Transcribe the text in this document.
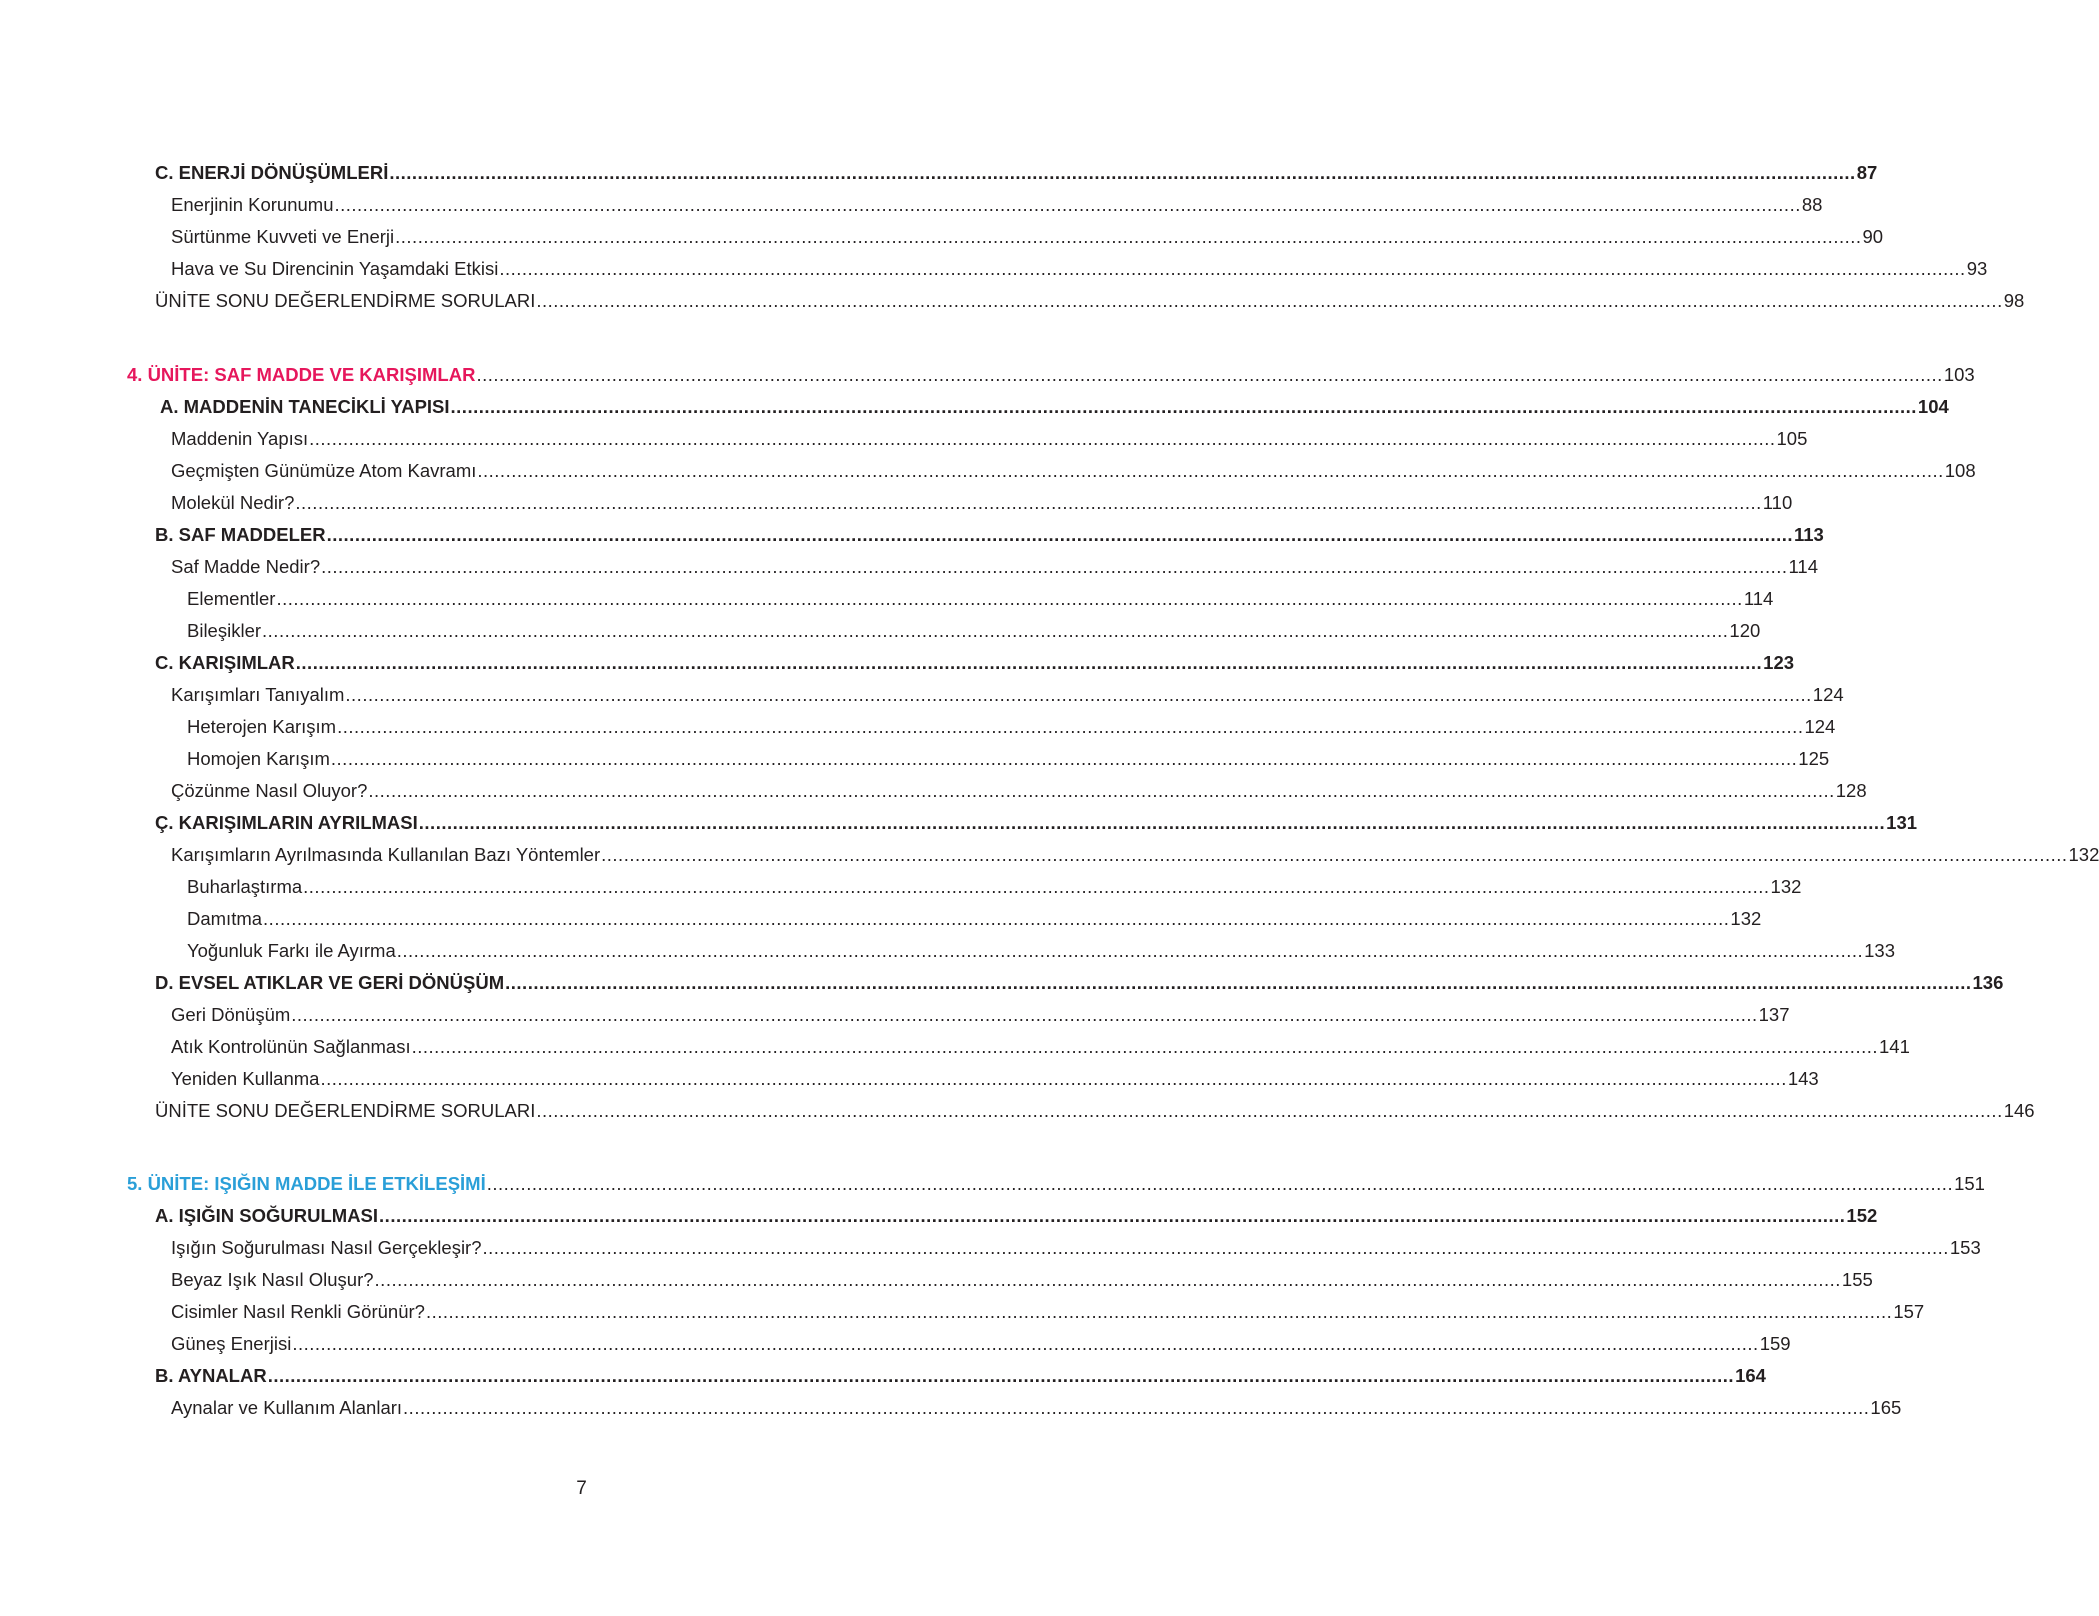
C. ENERJİ DÖNÜŞÜMLERİ .................................................................................................................................................................................................................................................................... 87
Enerjinin Korunumu .................................................................................................................................................................................................................................................................... 88
Sürtünme Kuvveti ve Enerji .................................................................................................................................................................................................................................................................... 90
Hava ve Su Direncinin Yaşamdaki Etkisi .................................................................................................................................................................................................................................................................... 93
ÜNİTE SONU DEĞERLENDİRME SORULARI .................................................................................................................................................................................................................................................................... 98
4. ÜNİTE: SAF MADDE VE KARIŞIMLAR .................................................................................................................................................................................................................................................................... 103
A. MADDENİN TANECİKLİ YAPISI .................................................................................................................................................................................................................................................................... 104
Maddenin Yapısı .................................................................................................................................................................................................................................................................... 105
Geçmişten Günümüze Atom Kavramı .................................................................................................................................................................................................................................................................... 108
Molekül Nedir? .................................................................................................................................................................................................................................................................... 110
B. SAF MADDELER .................................................................................................................................................................................................................................................................... 113
Saf Madde Nedir? .................................................................................................................................................................................................................................................................... 114
Elementler .................................................................................................................................................................................................................................................................... 114
Bileşikler .................................................................................................................................................................................................................................................................... 120
C. KARIŞIMLAR .................................................................................................................................................................................................................................................................... 123
Karışımları Tanıyalım .................................................................................................................................................................................................................................................................... 124
Heterojen Karışım .................................................................................................................................................................................................................................................................... 124
Homojen Karışım .................................................................................................................................................................................................................................................................... 125
Çözünme Nasıl Oluyor? .................................................................................................................................................................................................................................................................... 128
Ç. KARIŞIMLARIN AYRILMASI .................................................................................................................................................................................................................................................................... 131
Karışımların Ayrılmasında Kullanılan Bazı Yöntemler .................................................................................................................................................................................................................................................................... 132
Buharlaştırma .................................................................................................................................................................................................................................................................... 132
Damıtma .................................................................................................................................................................................................................................................................... 132
Yoğunluk Farkı ile Ayırma .................................................................................................................................................................................................................................................................... 133
D. EVSEL ATIKLAR VE GERİ DÖNÜŞÜM .................................................................................................................................................................................................................................................................... 136
Geri Dönüşüm .................................................................................................................................................................................................................................................................... 137
Atık Kontrolünün Sağlanması .................................................................................................................................................................................................................................................................... 141
Yeniden Kullanma .................................................................................................................................................................................................................................................................... 143
ÜNİTE SONU DEĞERLENDİRME SORULARI .................................................................................................................................................................................................................................................................... 146
5. ÜNİTE: IŞIĞIN MADDE İLE ETKİLEŞİMİ .................................................................................................................................................................................................................................................................... 151
A. IŞIĞIN SOĞURULMASI .................................................................................................................................................................................................................................................................... 152
Işığın Soğurulması Nasıl Gerçekleşir? .................................................................................................................................................................................................................................................................... 153
Beyaz Işık Nasıl Oluşur? .................................................................................................................................................................................................................................................................... 155
Cisimler Nasıl Renkli Görünür? .................................................................................................................................................................................................................................................................... 157
Güneş Enerjisi .................................................................................................................................................................................................................................................................... 159
B. AYNALAR .................................................................................................................................................................................................................................................................... 164
Aynalar ve Kullanım Alanları .................................................................................................................................................................................................................................................................... 165
7
